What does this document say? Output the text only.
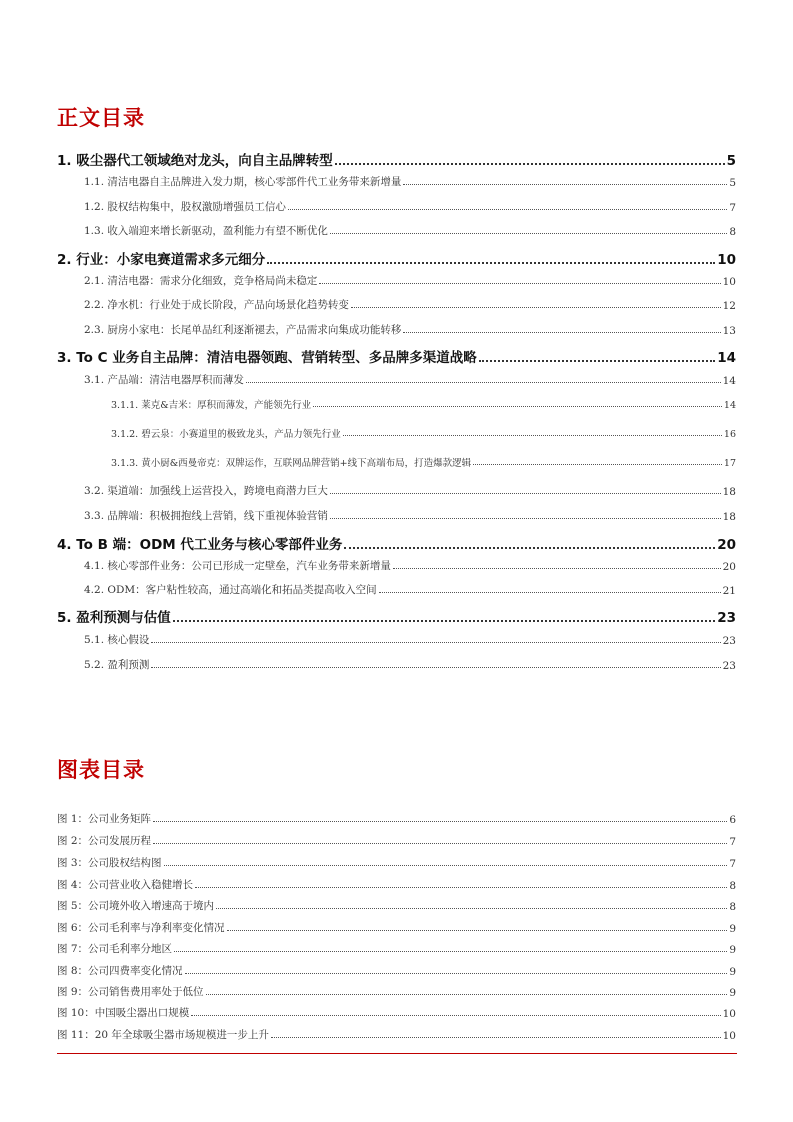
正文目录
1. 吸尘器代工领域绝对龙头，向自主品牌转型	5
1.1. 清洁电器自主品牌进入发力期，核心零部件代工业务带来新增量	5
1.2. 股权结构集中，股权激励增强员工信心	7
1.3. 收入端迎来增长新驱动，盈利能力有望不断优化	8
2. 行业：小家电赛道需求多元细分	10
2.1. 清洁电器：需求分化细致，竞争格局尚未稳定	10
2.2. 净水机：行业处于成长阶段，产品向场景化趋势转变	12
2.3. 厨房小家电：长尾单品红利逐渐褪去，产品需求向集成功能转移	13
3. To C 业务自主品牌：清洁电器领跑、营销转型、多品牌多渠道战略	14
3.1. 产品端：清洁电器厚积而薄发	14
3.1.1. 莱克&吉米：厚积而薄发，产能领先行业	14
3.1.2. 碧云泉：小赛道里的极致龙头，产品力领先行业	16
3.1.3. 黄小厨&西曼帝克：双牌运作，互联网品牌营销+线下高端布局，打造爆款逻辑	17
3.2. 渠道端：加强线上运营投入，跨境电商潜力巨大	18
3.3. 品牌端：积极拥抱线上营销，线下重视体验营销	18
4. To B 端：ODM 代工业务与核心零部件业务	20
4.1. 核心零部件业务：公司已形成一定壁垒，汽车业务带来新增量	20
4.2. ODM：客户粘性较高，通过高端化和拓品类提高收入空间	21
5. 盈利预测与估值	23
5.1. 核心假设	23
5.2. 盈利预测	23
图表目录
图 1：公司业务矩阵	6
图 2：公司发展历程	7
图 3：公司股权结构图	7
图 4：公司营业收入稳健增长	8
图 5：公司境外收入增速高于境内	8
图 6：公司毛利率与净利率变化情况	9
图 7：公司毛利率分地区	9
图 8：公司四费率变化情况	9
图 9：公司销售费用率处于低位	9
图 10：中国吸尘器出口规模	10
图 11：20 年全球吸尘器市场规模进一步上升	10
